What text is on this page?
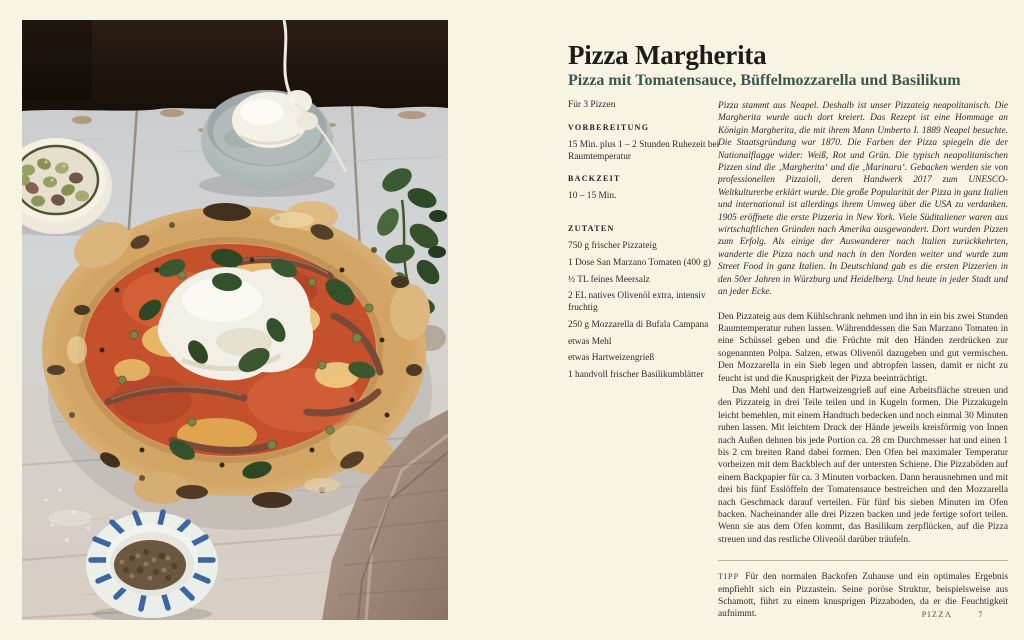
Pizza Margherita
Pizza mit Tomatensauce, Büffelmozzarella und Basilikum

Für 3 Pizzen

VORBEREITUNG
15 Min. plus 1 – 2 Stunden Ruhezeit bei Raumtemperatur
BACKZEIT
10 – 15 Min.
ZUTATEN
750 g frischer Pizzateig
1 Dose San Marzano Tomaten (400 g)
½ TL feines Meersalz
2 EL natives Olivenöl extra, intensiv fruchtig
250 g Mozzarella di Bufala Campana
etwas Mehl
etwas Hartweizengrieß
1 handvoll frischer Basilikumblätter

Pizza stammt aus Neapel. Deshalb ist unser Pizzateig neapolitanisch. Die Margherita wurde auch dort kreiert. Das Rezept ist eine Hommage an Königin Margherita, die mit ihrem Mann Umberto I. 1889 Neapel besuchte. Die Staatsgründung war 1870. Die Farben der Pizza spiegeln die der Nationalflagge wider: Weiß, Rot und Grün. Die typisch neapolitanischen Pizzen sind die ‚Margherita‘ und die ‚Marinara‘. Gebacken werden sie von professionellen Pizzaioli, deren Handwerk 2017 zum UNESCO-Weltkulturerbe erklärt wurde. Die große Popularität der Pizza in ganz Italien und international ist allerdings ihrem Umweg über die USA zu verdanken. 1905 eröffnete die erste Pizzeria in New York. Viele Süditaliener waren aus wirtschaftlichen Gründen nach Amerika ausgewandert. Dort wurden Pizzen zum Erfolg. Als einige der Auswanderer nach Italien zurückkehrten, wanderte die Pizza nach und nach in den Norden weiter und wurde zum Street Food in ganz Italien. In Deutschland gab es die ersten Pizzerien in den 50er Jahren in Würzburg und Heidelberg. Und heute in jeder Stadt und an jeder Ecke.

Den Pizzateig aus dem Kühlschrank nehmen und ihn in ein bis zwei Stunden Raumtemperatur ruhen lassen. Währenddessen die San Marzano Tomaten in eine Schüssel geben und die Früchte mit den Händen zerdrücken zur sogenannten Polpa. Salzen, etwas Olivenöl dazugeben und gut vermischen. Den Mozzarella in ein Sieb legen und abtropfen lassen, damit er nicht zu feucht ist und die Knusprigkeit der Pizza beeinträchtigt.

Das Mehl und den Hartweizengrieß auf eine Arbeitsfläche streuen und den Pizzateig in drei Teile teilen und in Kugeln formen. Die Pizzakugeln leicht bemehlen, mit einem Handtuch bedecken und noch einmal 30 Minuten ruhen lassen. Mit leichtem Druck der Hände jeweils kreisförmig von Innen nach Außen dehnen bis jede Portion ca. 28 cm Durchmesser hat und einen 1 bis 2 cm breiten Rand dabei formen. Den Ofen bei maximaler Temperatur vorheizen mit dem Backblech auf der untersten Schiene. Die Pizzaböden auf einem Backpapier für ca. 3 Minuten vorbacken. Dann herausnehmen und mit drei bis fünf Esslöffeln der Tomatensauce bestreichen und den Mozzarella nach Geschmack darauf verteilen. Für fünf bis sieben Minuten im Ofen backen. Nacheinander alle drei Pizzen backen und jede fertige sofort teilen. Wenn sie aus dem Ofen kommt, das Basilikum zerpflücken, auf die Pizza streuen und das restliche Olivenöl darüber träufeln.

TIPP Für den normalen Backofen Zuhause und ein optimales Ergebnis empfiehlt sich ein Pizzastein. Seine poröse Struktur, beispielsweise aus Schamott, führt zu einem knusprigen Pizzaboden, da er die Feuchtigkeit aufnimmt.	PIZZA	7
